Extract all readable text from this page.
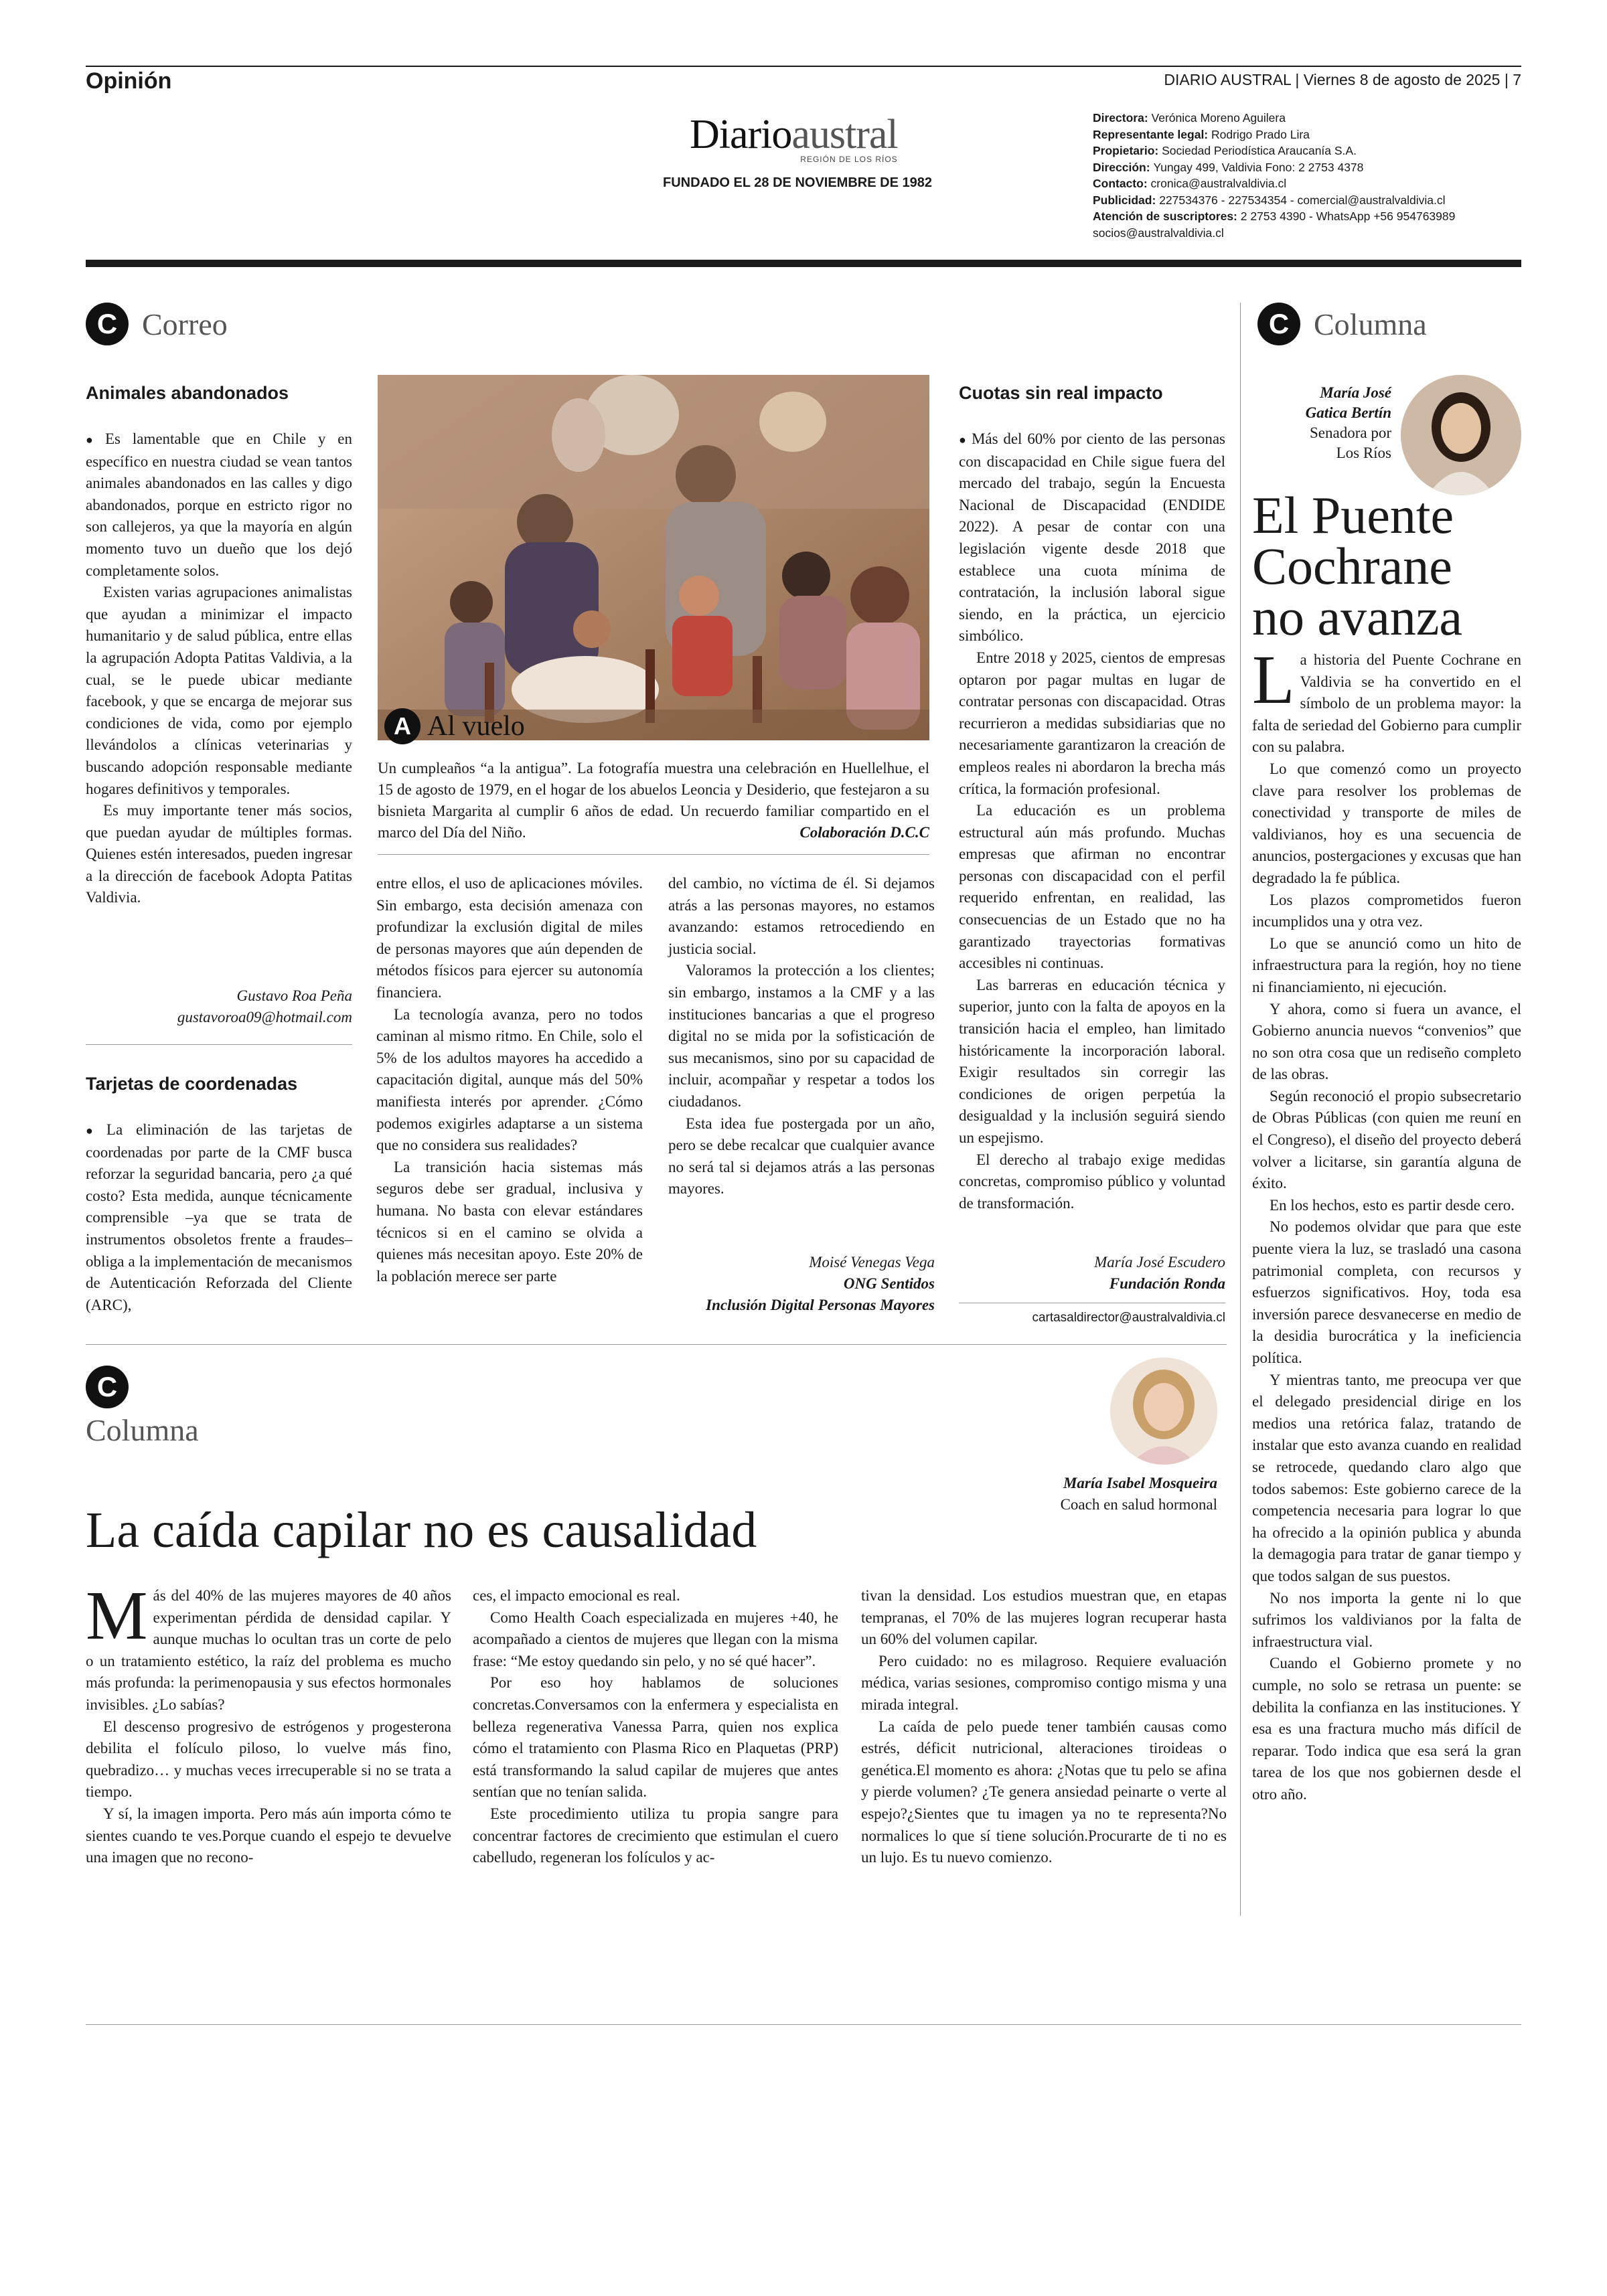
Opinión	DIARIO AUSTRAL | Viernes 8 de agosto de 2025 | 7
Diarioaustral
REGIÓN DE LOS RÍOS
FUNDADO EL 28 DE NOVIEMBRE DE 1982
Directora: Verónica Moreno Aguilera
Representante legal: Rodrigo Prado Lira
Propietario: Sociedad Periodística Araucanía S.A.
Dirección: Yungay 499, Valdivia Fono: 2 2753 4378
Contacto: cronica@australvaldivia.cl
Publicidad: 227534376 - 227534354 - comercial@australvaldivia.cl
Atención de suscriptores: 2 2753 4390 - WhatsApp +56 954763989
socios@australvaldivia.cl
C Correo
Animales abandonados

● Es lamentable que en Chile y en específico en nuestra ciudad se vean tantos animales abandonados en las calles y digo abandonados, porque en estricto rigor no son callejeros, ya que la mayoría en algún momento tuvo un dueño que los dejó completamente solos.

Existen varias agrupaciones animalistas que ayudan a minimizar el impacto humanitario y de salud pública, entre ellas la agrupación Adopta Patitas Valdivia, a la cual, se le puede ubicar mediante facebook, y que se encarga de mejorar sus condiciones de vida, como por ejemplo llevándolos a clínicas veterinarias y buscando adopción responsable mediante hogares definitivos y temporales.

Es muy importante tener más socios, que puedan ayudar de múltiples formas. Quienes estén interesados, pueden ingresar a la dirección de facebook Adopta Patitas Valdivia.

Gustavo Roa Peña
gustavoroa09@hotmail.com
Tarjetas de coordenadas

● La eliminación de las tarjetas de coordenadas por parte de la CMF busca reforzar la seguridad bancaria, pero ¿a qué costo? Esta medida, aunque técnicamente comprensible –ya que se trata de instrumentos obsoletos frente a fraudes– obliga a la implementación de mecanismos de Autenticación Reforzada del Cliente (ARC),

entre ellos, el uso de aplicaciones móviles. Sin embargo, esta decisión amenaza con profundizar la exclusión digital de miles de personas mayores que aún dependen de métodos físicos para ejercer su autonomía financiera.

La tecnología avanza, pero no todos caminan al mismo ritmo. En Chile, solo el 5% de los adultos mayores ha accedido a capacitación digital, aunque más del 50% manifiesta interés por aprender. ¿Cómo podemos exigirles adaptarse a un sistema que no considera sus realidades?

La transición hacia sistemas más seguros debe ser gradual, inclusiva y humana. No basta con elevar estándares técnicos si en el camino se olvida a quienes más necesitan apoyo. Este 20% de la población merece ser parte

del cambio, no víctima de él. Si dejamos atrás a las personas mayores, no estamos avanzando: estamos retrocediendo en justicia social.

Valoramos la protección a los clientes; sin embargo, instamos a la CMF y a las instituciones bancarias a que el progreso digital no se mida por la sofisticación de sus mecanismos, sino por su capacidad de incluir, acompañar y respetar a todos los ciudadanos.

Esta idea fue postergada por un año, pero se debe recalcar que cualquier avance no será tal si dejamos atrás a las personas mayores.

Moisé Venegas Vega
ONG Sentidos
Inclusión Digital Personas Mayores
A Al vuelo
Un cumpleaños “a la antigua”. La fotografía muestra una celebración en Huellelhue, el 15 de agosto de 1979, en el hogar de los abuelos Leoncia y Desiderio, que festejaron a su bisnieta Margarita al cumplir 6 años de edad. Un recuerdo familiar compartido en el marco del Día del Niño.	Colaboración D.C.C
Cuotas sin real impacto

● Más del 60% por ciento de las personas con discapacidad en Chile sigue fuera del mercado del trabajo, según la Encuesta Nacional de Discapacidad (ENDIDE 2022). A pesar de contar con una legislación vigente desde 2018 que establece una cuota mínima de contratación, la inclusión laboral sigue siendo, en la práctica, un ejercicio simbólico.

Entre 2018 y 2025, cientos de empresas optaron por pagar multas en lugar de contratar personas con discapacidad. Otras recurrieron a medidas subsidiarias que no necesariamente garantizaron la creación de empleos reales ni abordaron la brecha más crítica, la formación profesional.

La educación es un problema estructural aún más profundo. Muchas empresas que afirman no encontrar personas con discapacidad con el perfil requerido enfrentan, en realidad, las consecuencias de un Estado que no ha garantizado trayectorias formativas accesibles ni continuas.

Las barreras en educación técnica y superior, junto con la falta de apoyos en la transición hacia el empleo, han limitado históricamente la incorporación laboral. Exigir resultados sin corregir las condiciones de origen perpetúa la desigualdad y la inclusión seguirá siendo un espejismo.

El derecho al trabajo exige medidas concretas, compromiso público y voluntad de transformación.

María José Escudero
Fundación Ronda
cartasaldirector@australvaldivia.cl
C Columna
María José
Gatica Bertín
Senadora por
Los Ríos
El Puente
Cochrane
no avanza

La historia del Puente Cochrane en Valdivia se ha convertido en el símbolo de un problema mayor: la falta de seriedad del Gobierno para cumplir con su palabra.

Lo que comenzó como un proyecto clave para resolver los problemas de conectividad y transporte de miles de valdivianos, hoy es una secuencia de anuncios, postergaciones y excusas que han degradado la fe pública.

Los plazos comprometidos fueron incumplidos una y otra vez.

Lo que se anunció como un hito de infraestructura para la región, hoy no tiene ni financiamiento, ni ejecución.

Y ahora, como si fuera un avance, el Gobierno anuncia nuevos “convenios” que no son otra cosa que un rediseño completo de las obras.

Según reconoció el propio subsecretario de Obras Públicas (con quien me reuní en el Congreso), el diseño del proyecto deberá volver a licitarse, sin garantía alguna de éxito.

En los hechos, esto es partir desde cero.

No podemos olvidar que para que este puente viera la luz, se trasladó una casona patrimonial completa, con recursos y esfuerzos significativos. Hoy, toda esa inversión parece desvanecerse en medio de la desidia burocrática y la ineficiencia política.

Y mientras tanto, me preocupa ver que el delegado presidencial dirige en los medios una retórica falaz, tratando de instalar que esto avanza cuando en realidad se retrocede, quedando claro algo que todos sabemos: Este gobierno carece de la competencia necesaria para lograr lo que ha ofrecido a la opinión publica y abunda la demagogia para tratar de ganar tiempo y que todos salgan de sus puestos.

No nos importa la gente ni lo que sufrimos los valdivianos por la falta de infraestructura vial.

Cuando el Gobierno promete y no cumple, no solo se retrasa un puente: se debilita la confianza en las instituciones. Y esa es una fractura mucho más difícil de reparar. Todo indica que esa será la gran tarea de los que nos gobiernen desde el otro año.

C
Columna
María Isabel Mosqueira
Coach en salud hormonal
La caída capilar no es causalidad

Más del 40% de las mujeres mayores de 40 años experimentan pérdida de densidad capilar. Y aunque muchas lo ocultan tras un corte de pelo o un tratamiento estético, la raíz del problema es mucho más profunda: la perimenopausia y sus efectos hormonales invisibles. ¿Lo sabías?

El descenso progresivo de estrógenos y progesterona debilita el folículo piloso, lo vuelve más fino, quebradizo… y muchas veces irrecuperable si no se trata a tiempo.

Y sí, la imagen importa. Pero más aún importa cómo te sientes cuando te ves.Porque cuando el espejo te devuelve una imagen que no recono-

ces, el impacto emocional es real.

Como Health Coach especializada en mujeres +40, he acompañado a cientos de mujeres que llegan con la misma frase: “Me estoy quedando sin pelo, y no sé qué hacer”.

Por eso hoy hablamos de soluciones concretas.Conversamos con la enfermera y especialista en belleza regenerativa Vanessa Parra, quien nos explica cómo el tratamiento con Plasma Rico en Plaquetas (PRP) está transformando la salud capilar de mujeres que antes sentían que no tenían salida.

Este procedimiento utiliza tu propia sangre para concentrar factores de crecimiento que estimulan el cuero cabelludo, regeneran los folículos y ac-

tivan la densidad. Los estudios muestran que, en etapas tempranas, el 70% de las mujeres logran recuperar hasta un 60% del volumen capilar.

Pero cuidado: no es milagroso. Requiere evaluación médica, varias sesiones, compromiso contigo misma y una mirada integral.

La caída de pelo puede tener también causas como estrés, déficit nutricional, alteraciones tiroideas o genética.El momento es ahora: ¿Notas que tu pelo se afina y pierde volumen? ¿Te genera ansiedad peinarte o verte al espejo?¿Sientes que tu imagen ya no te representa?No normalices lo que sí tiene solución.Procurarte de ti no es un lujo. Es tu nuevo comienzo.
